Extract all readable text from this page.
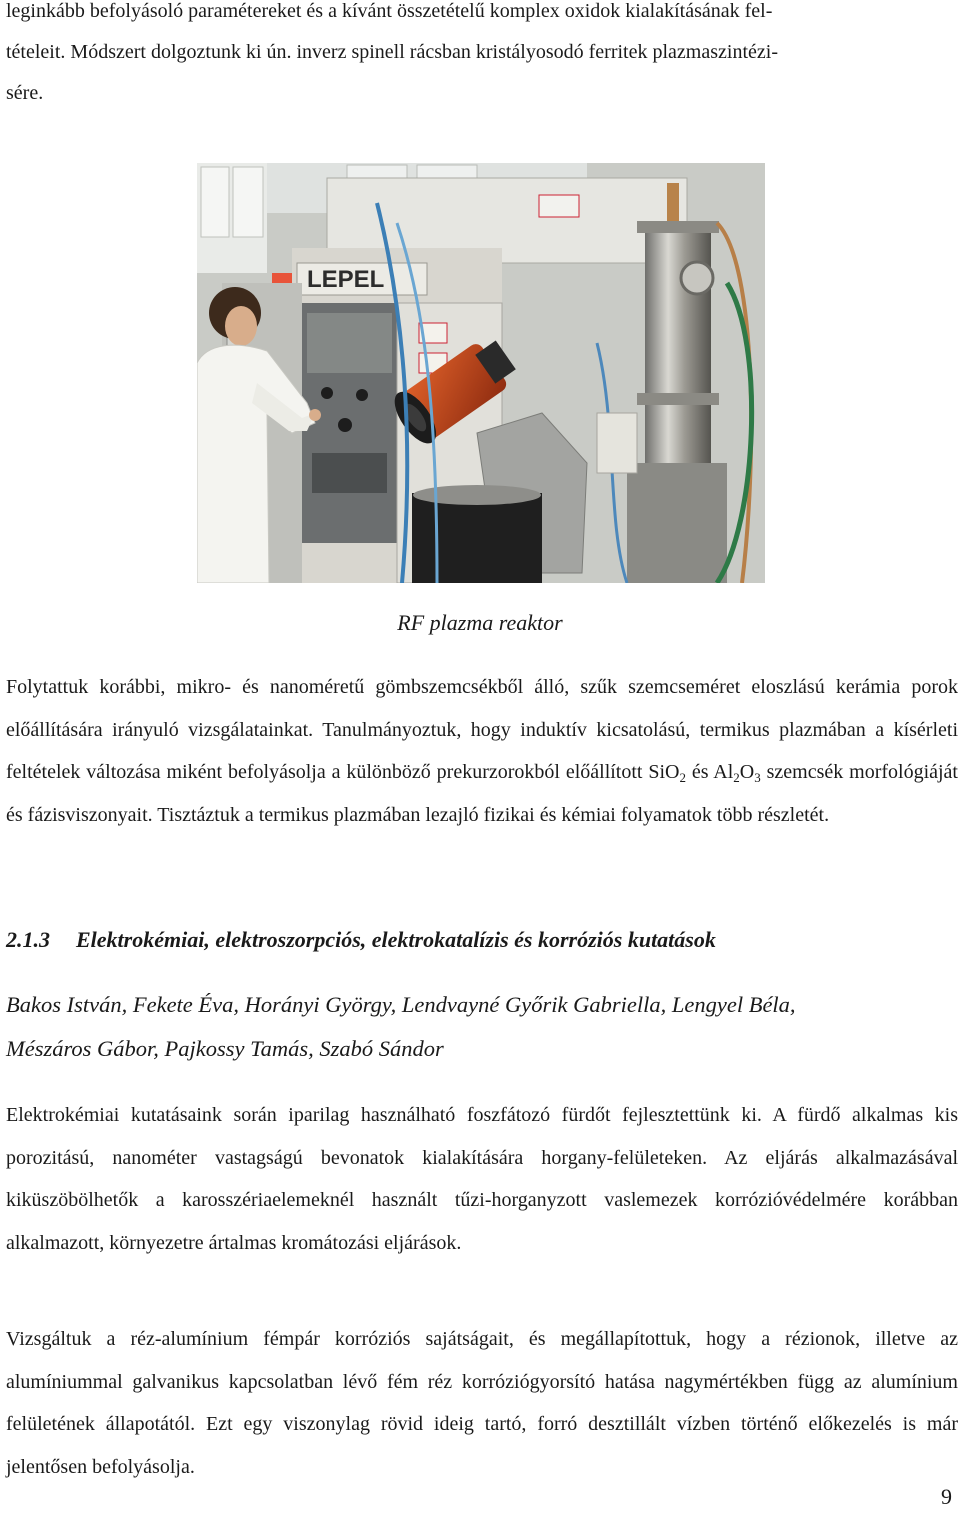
leginkább befolyásoló paramétereket és a kívánt összetételű komplex oxidok kialakításának fel-
tételeit. Módszert dolgoztunk ki ún. inverz spinell rácsban kristályosodó ferritek plazmaszintézi-
sére.

LEPEL
RF plazma reaktor

Folytattuk korábbi, mikro- és nanoméretű gömbszemcsékből álló, szűk szemcseméret eloszlású kerámia porok előállítására irányuló vizsgálatainkat. Tanulmányoztuk, hogy induktív kicsatolású, termikus plazmában a kísérleti feltételek változása miként befolyásolja a különböző prekurzorokból előállított SiO$_2$ és $Al_2O_3$ szemcsék morfológiáját és fázisviszonyait. Tisztáztuk a termikus plazmában lezajló fizikai és kémiai folyamatok több részletét.

2.1.3 Elektrokémiai, elektroszorpciós, elektrokatalízis és korróziós kutatások

Bakos István, Fekete Éva, Horányi György, Lendvayné Győrik Gabriella, Lengyel Béla,
Mészáros Gábor, Pajkossy Tamás, Szabó Sándor

Elektrokémiai kutatásaink során iparilag használható foszfátozó fürdőt fejlesztettünk ki. A fürdő alkalmas kis porozitású, nanométer vastagságú bevonatok kialakítására horgany-felületeken. Az eljárás alkalmazásával kiküszöbölhetők a karosszériaelemeknél használt tűzi-horganyzott vaslemezek korrózióvédelmére korábban alkalmazott, környezetre ártalmas kromátozási eljárások.

Vizsgáltuk a réz-alumínium fémpár korróziós sajátságait, és megállapítottuk, hogy a rézionok, illetve az alumíniummal galvanikus kapcsolatban lévő fém réz korróziógyorsító hatása nagymértékben függ az alumínium felületének állapotától. Ezt egy viszonylag rövid ideig tartó, forró desztillált vízben történő előkezelés is már jelentősen befolyásolja.

9
